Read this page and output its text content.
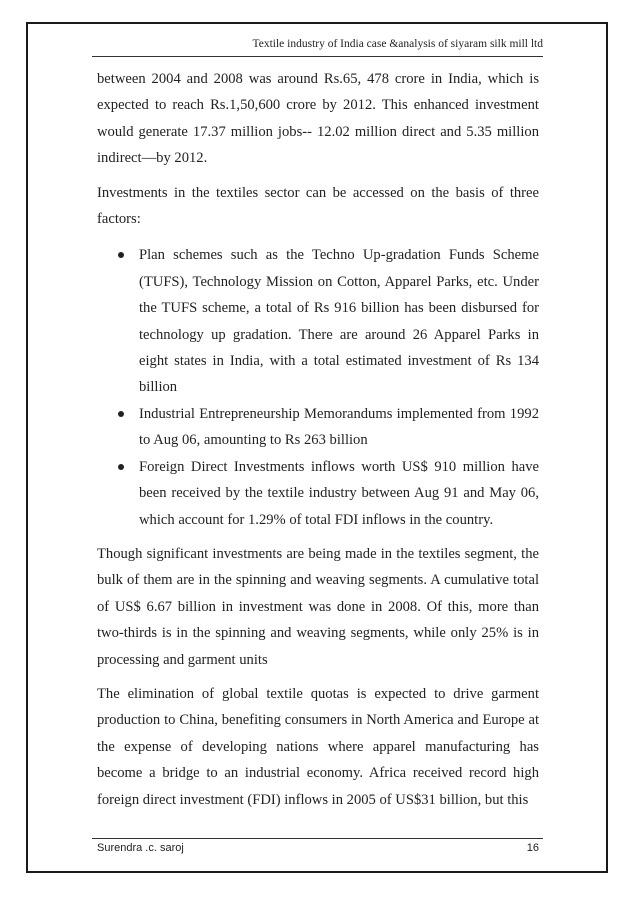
Textile industry of India case &analysis of siyaram silk mill ltd

between 2004 and 2008 was around Rs.65, 478 crore in India, which is expected to reach Rs.1,50,600 crore by 2012. This enhanced investment would generate 17.37 million jobs-- 12.02 million direct and 5.35 million indirect—by 2012.

Investments in the textiles sector can be accessed on the basis of three factors:

Plan schemes such as the Techno Up-gradation Funds Scheme (TUFS), Technology Mission on Cotton, Apparel Parks, etc. Under the TUFS scheme, a total of Rs 916 billion has been disbursed for technology up gradation. There are around 26 Apparel Parks in eight states in India, with a total estimated investment of Rs 134 billion
Industrial Entrepreneurship Memorandums implemented from 1992 to Aug 06, amounting to Rs 263 billion
Foreign Direct Investments inflows worth US$ 910 million have been received by the textile industry between Aug 91 and May 06, which account for 1.29% of total FDI inflows in the country.

Though significant investments are being made in the textiles segment, the bulk of them are in the spinning and weaving segments. A cumulative total of US$ 6.67 billion in investment was done in 2008. Of this, more than two-thirds is in the spinning and weaving segments, while only 25% is in processing and garment units

The elimination of global textile quotas is expected to drive garment production to China, benefiting consumers in North America and Europe at the expense of developing nations where apparel manufacturing has become a bridge to an industrial economy. Africa received record high foreign direct investment (FDI) inflows in 2005 of US$31 billion, but this

Surendra .c. saroj	16
